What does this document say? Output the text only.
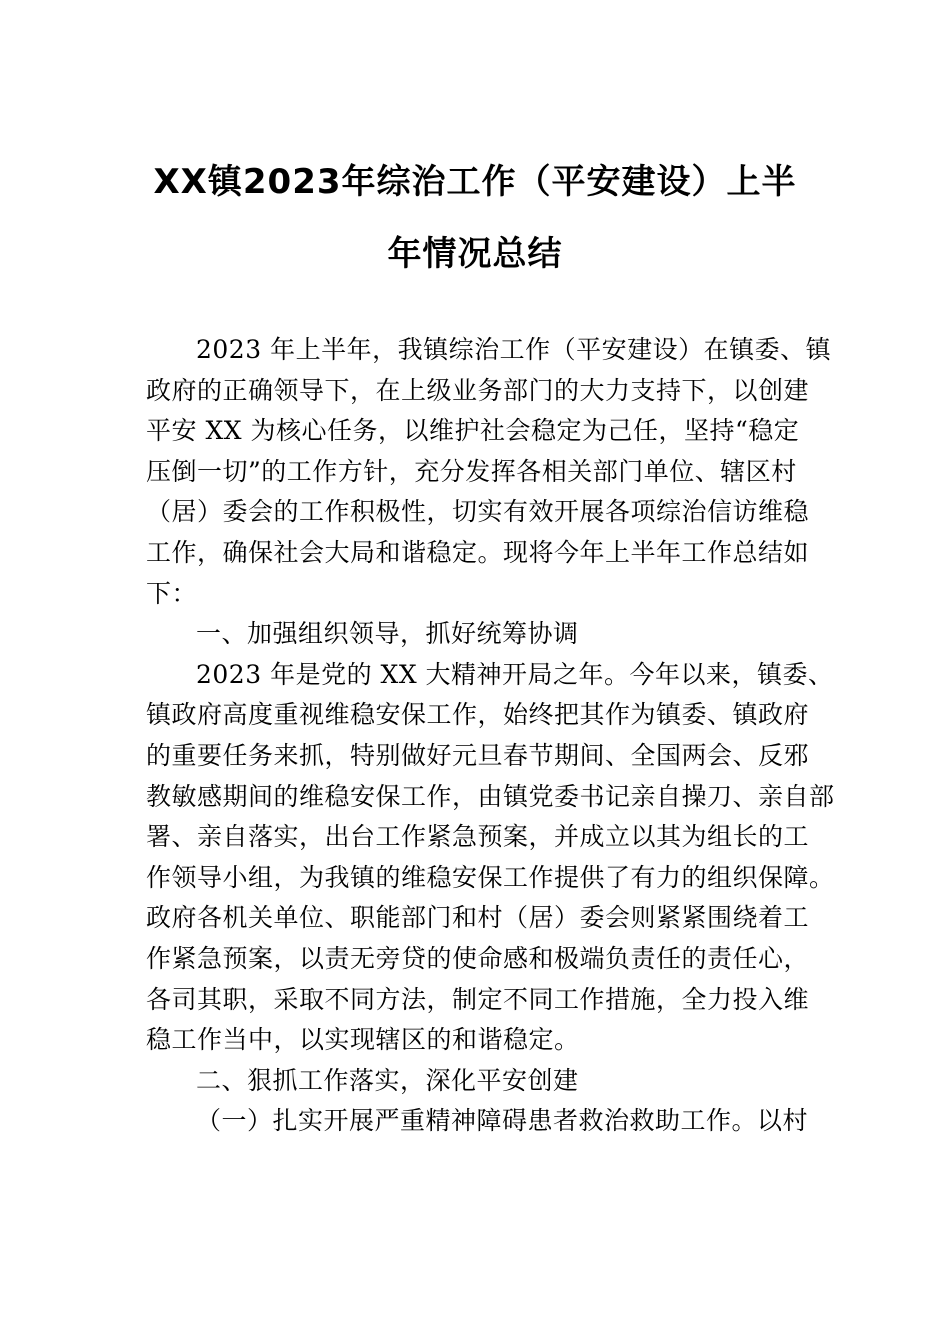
XX镇2023年综治工作（平安建设）上半
年情况总结
2023 年上半年，我镇综治工作（平安建设）在镇委、镇
政府的正确领导下，在上级业务部门的大力支持下，以创建
平安 XX 为核心任务，以维护社会稳定为己任，坚持“稳定
压倒一切”的工作方针，充分发挥各相关部门单位、辖区村
（居）委会的工作积极性，切实有效开展各项综治信访维稳
工作，确保社会大局和谐稳定。现将今年上半年工作总结如
下：
一、加强组织领导，抓好统筹协调
2023 年是党的 XX 大精神开局之年。今年以来，镇委、
镇政府高度重视维稳安保工作，始终把其作为镇委、镇政府
的重要任务来抓，特别做好元旦春节期间、全国两会、反邪
教敏感期间的维稳安保工作，由镇党委书记亲自操刀、亲自部
署、亲自落实，出台工作紧急预案，并成立以其为组长的工
作领导小组，为我镇的维稳安保工作提供了有力的组织保障。
政府各机关单位、职能部门和村（居）委会则紧紧围绕着工
作紧急预案，以责无旁贷的使命感和极端负责任的责任心，
各司其职，采取不同方法，制定不同工作措施，全力投入维
稳工作当中，以实现辖区的和谐稳定。
二、狠抓工作落实，深化平安创建
（一）扎实开展严重精神障碍患者救治救助工作。以村
